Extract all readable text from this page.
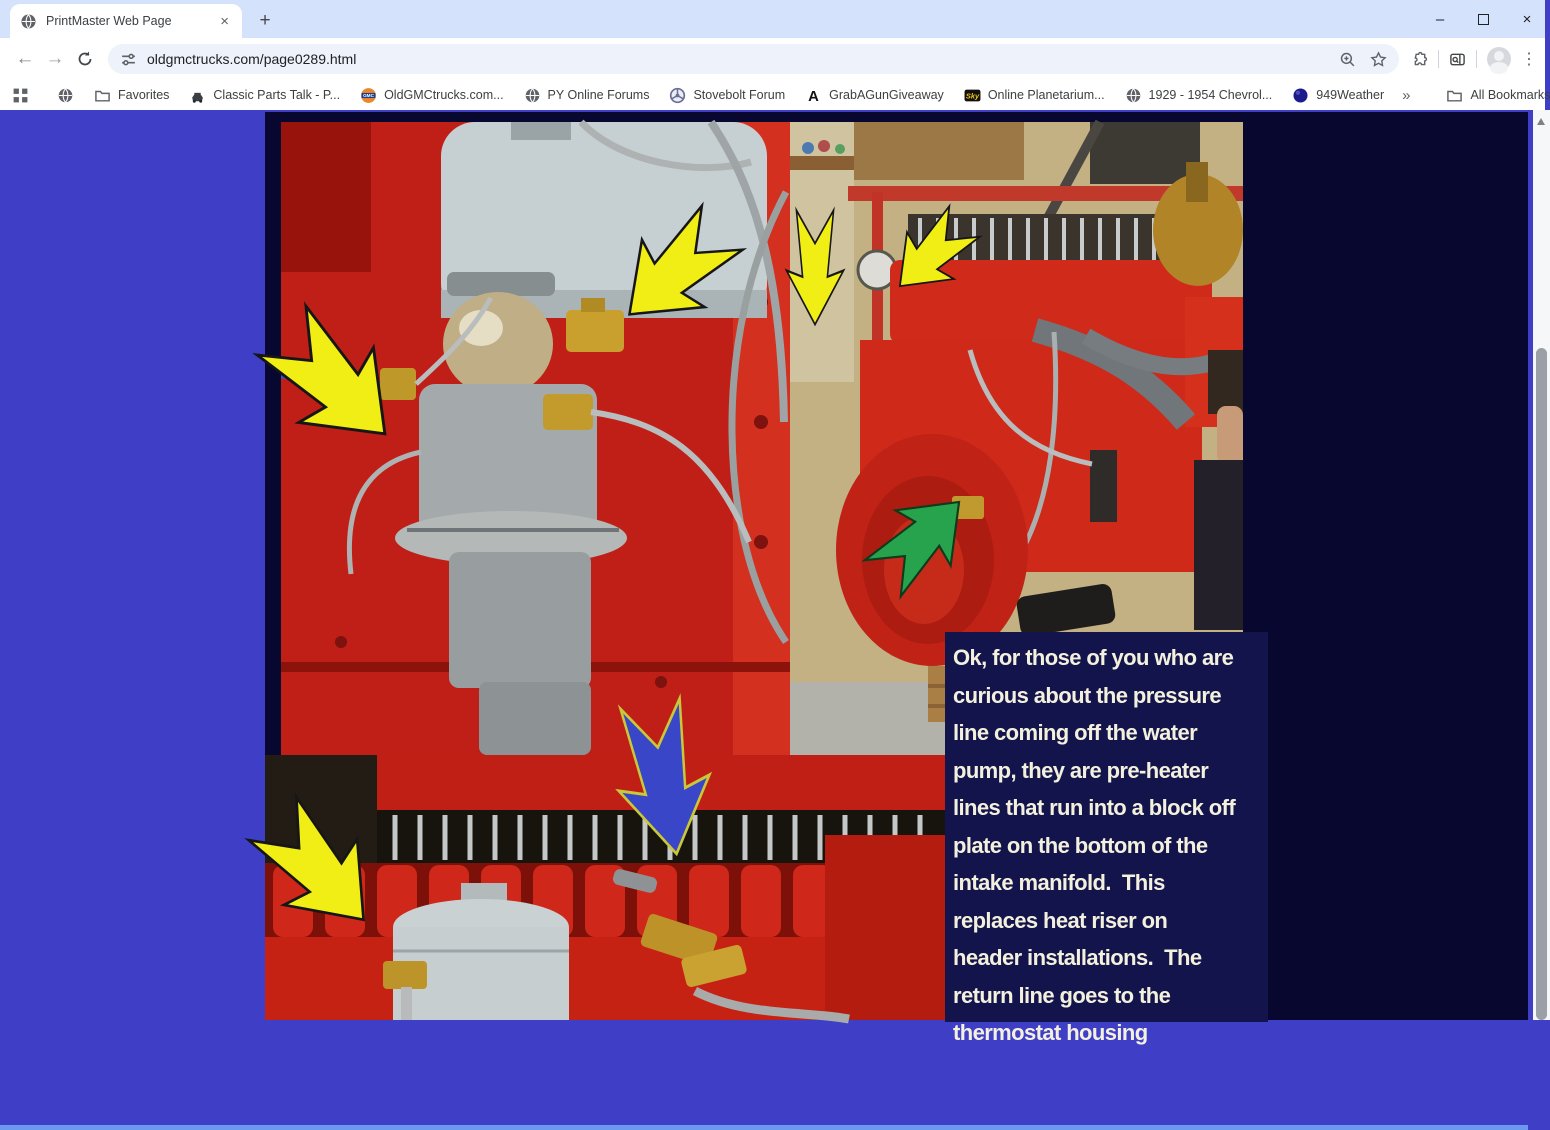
PrintMaster Web Page	×	+	–	×
← →	oldgmctrucks.com/page0289.html	⋮
Favorites	Classic Parts Talk - P...	GMC OldGMCtrucks.com...	PY Online Forums	Stovebolt Forum A GrabAGunGiveaway	Sky Online Planetarium...	1929 - 1954 Chevrol...	949Weather »	All Bookmarks
Ok, for those of you who are
curious about the pressure
line coming off the water
pump, they are pre-heater
lines that run into a block off
plate on the bottom of the
intake manifold.  This
replaces heat riser on
header installations.  The
return line goes to the
thermostat housing
